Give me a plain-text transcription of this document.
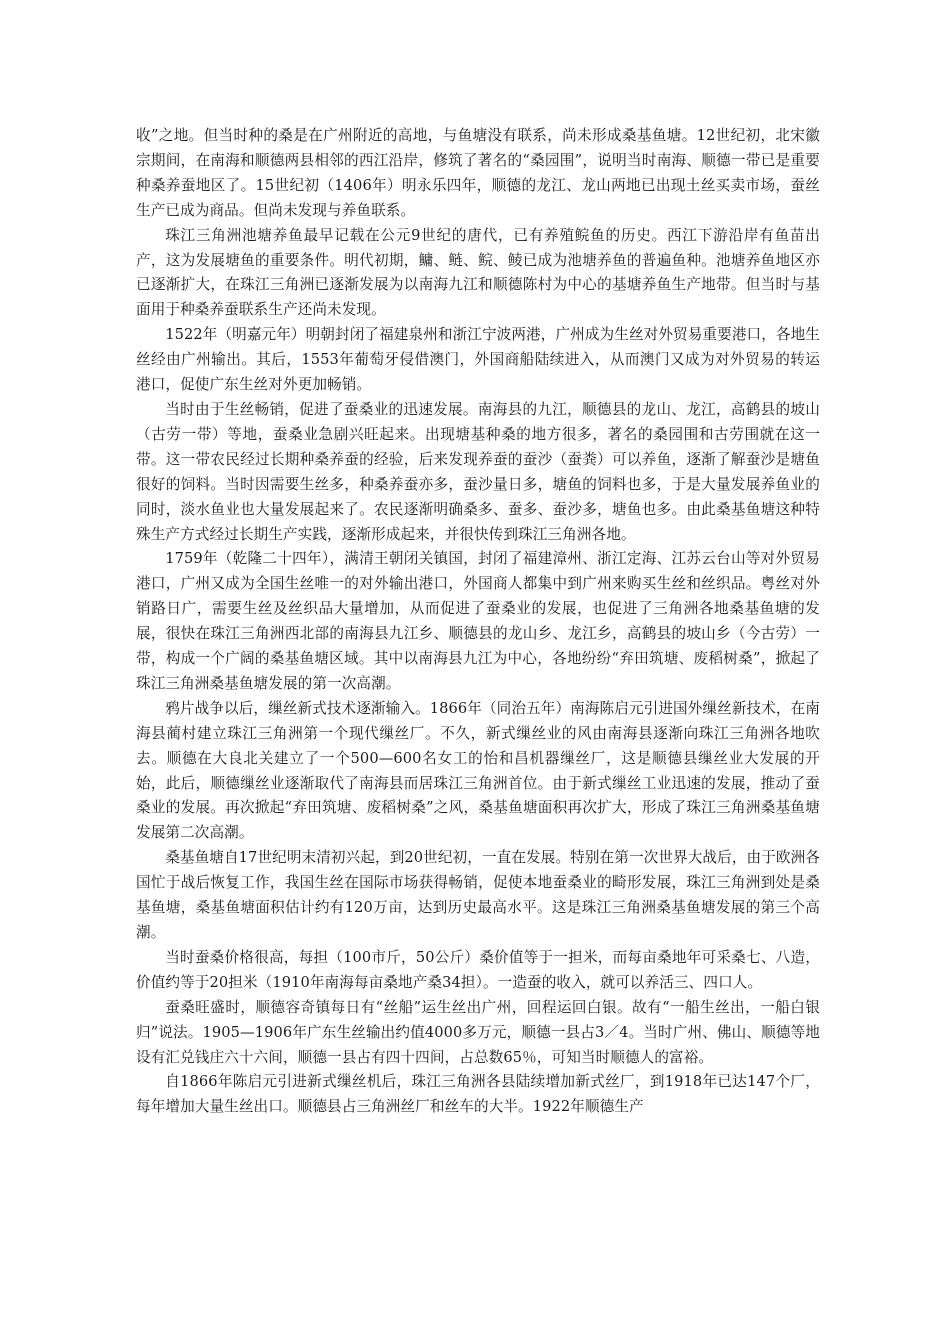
收”之地。但当时种的桑是在广州附近的高地，与鱼塘没有联系，尚未形成桑基鱼塘。12世纪初，北宋徽宗期间，在南海和顺德两县相邻的西江沿岸，修筑了著名的“桑园围”，说明当时南海、顺德一带已是重要种桑养蚕地区了。15世纪初（1406年）明永乐四年，顺德的龙江、龙山两地已出现土丝买卖市场，蚕丝生产已成为商品。但尚未发现与养鱼联系。

珠江三角洲池塘养鱼最早记载在公元9世纪的唐代，已有养殖鲩鱼的历史。西江下游沿岸有鱼苗出产，这为发展塘鱼的重要条件。明代初期，鳙、鲢、鲩、鲮已成为池塘养鱼的普遍鱼种。池塘养鱼地区亦已逐渐扩大，在珠江三角洲已逐渐发展为以南海九江和顺德陈村为中心的基塘养鱼生产地带。但当时与基面用于种桑养蚕联系生产还尚未发现。

1522年（明嘉元年）明朝封闭了福建泉州和浙江宁波两港，广州成为生丝对外贸易重要港口，各地生丝经由广州输出。其后，1553年葡萄牙侵借澳门，外国商船陆续进入，从而澳门又成为对外贸易的转运港口，促使广东生丝对外更加畅销。

当时由于生丝畅销，促进了蚕桑业的迅速发展。南海县的九江，顺德县的龙山、龙江，高鹤县的坡山（古劳一带）等地，蚕桑业急剧兴旺起来。出现塘基种桑的地方很多，著名的桑园围和古劳围就在这一带。这一带农民经过长期种桑养蚕的经验，后来发现养蚕的蚕沙（蚕粪）可以养鱼，逐渐了解蚕沙是塘鱼很好的饲料。当时因需要生丝多，种桑养蚕亦多，蚕沙量日多，塘鱼的饲料也多，于是大量发展养鱼业的同时，淡水鱼业也大量发展起来了。农民逐渐明确桑多、蚕多、蚕沙多，塘鱼也多。由此桑基鱼塘这种特殊生产方式经过长期生产实践，逐渐形成起来，并很快传到珠江三角洲各地。

1759年（乾隆二十四年），满清王朝闭关镇国，封闭了福建漳州、浙江定海、江苏云台山等对外贸易港口，广州又成为全国生丝唯一的对外输出港口，外国商人都集中到广州来购买生丝和丝织品。粤丝对外销路日广，需要生丝及丝织品大量增加，从而促进了蚕桑业的发展，也促进了三角洲各地桑基鱼塘的发展，很快在珠江三角洲西北部的南海县九江乡、顺德县的龙山乡、龙江乡，高鹤县的坡山乡（今古劳）一带，构成一个广阔的桑基鱼塘区域。其中以南海县九江为中心，各地纷纷“弃田筑塘、废稻树桑”，掀起了珠江三角洲桑基鱼塘发展的第一次高潮。

鸦片战争以后，缫丝新式技术逐渐输入。1866年（同治五年）南海陈启元引进国外缫丝新技术，在南海县蔺村建立珠江三角洲第一个现代缫丝厂。不久，新式缫丝业的风由南海县逐渐向珠江三角洲各地吹去。顺德在大良北关建立了一个500—600名女工的怡和昌机器缫丝厂，这是顺德县缫丝业大发展的开始，此后，顺德缫丝业逐渐取代了南海县而居珠江三角洲首位。由于新式缫丝工业迅速的发展，推动了蚕桑业的发展。再次掀起“弃田筑塘、废稻树桑”之风，桑基鱼塘面积再次扩大，形成了珠江三角洲桑基鱼塘发展第二次高潮。

桑基鱼塘自17世纪明末清初兴起，到20世纪初，一直在发展。特别在第一次世界大战后，由于欧洲各国忙于战后恢复工作，我国生丝在国际市场获得畅销，促使本地蚕桑业的畸形发展，珠江三角洲到处是桑基鱼塘，桑基鱼塘面积估计约有120万亩，达到历史最高水平。这是珠江三角洲桑基鱼塘发展的第三个高潮。

当时蚕桑价格很高，每担（100市斤，50公斤）桑价值等于一担米，而每亩桑地年可采桑七、八造，价值约等于20担米（1910年南海每亩桑地产桑34担）。一造蚕的收入，就可以养活三、四口人。

蚕桑旺盛时，顺德容奇镇每日有“丝船”运生丝出广州，回程运回白银。故有“一船生丝出，一船白银归”说法。1905—1906年广东生丝输出约值4000多万元，顺德一县占3／4。当时广州、佛山、顺德等地设有汇兑钱庄六十六间，顺德一县占有四十四间，占总数65％，可知当时顺德人的富裕。

自1866年陈启元引进新式缫丝机后，珠江三角洲各县陆续增加新式丝厂，到1918年已达147个厂，每年增加大量生丝出口。顺德县占三角洲丝厂和丝车的大半。1922年顺德生产
